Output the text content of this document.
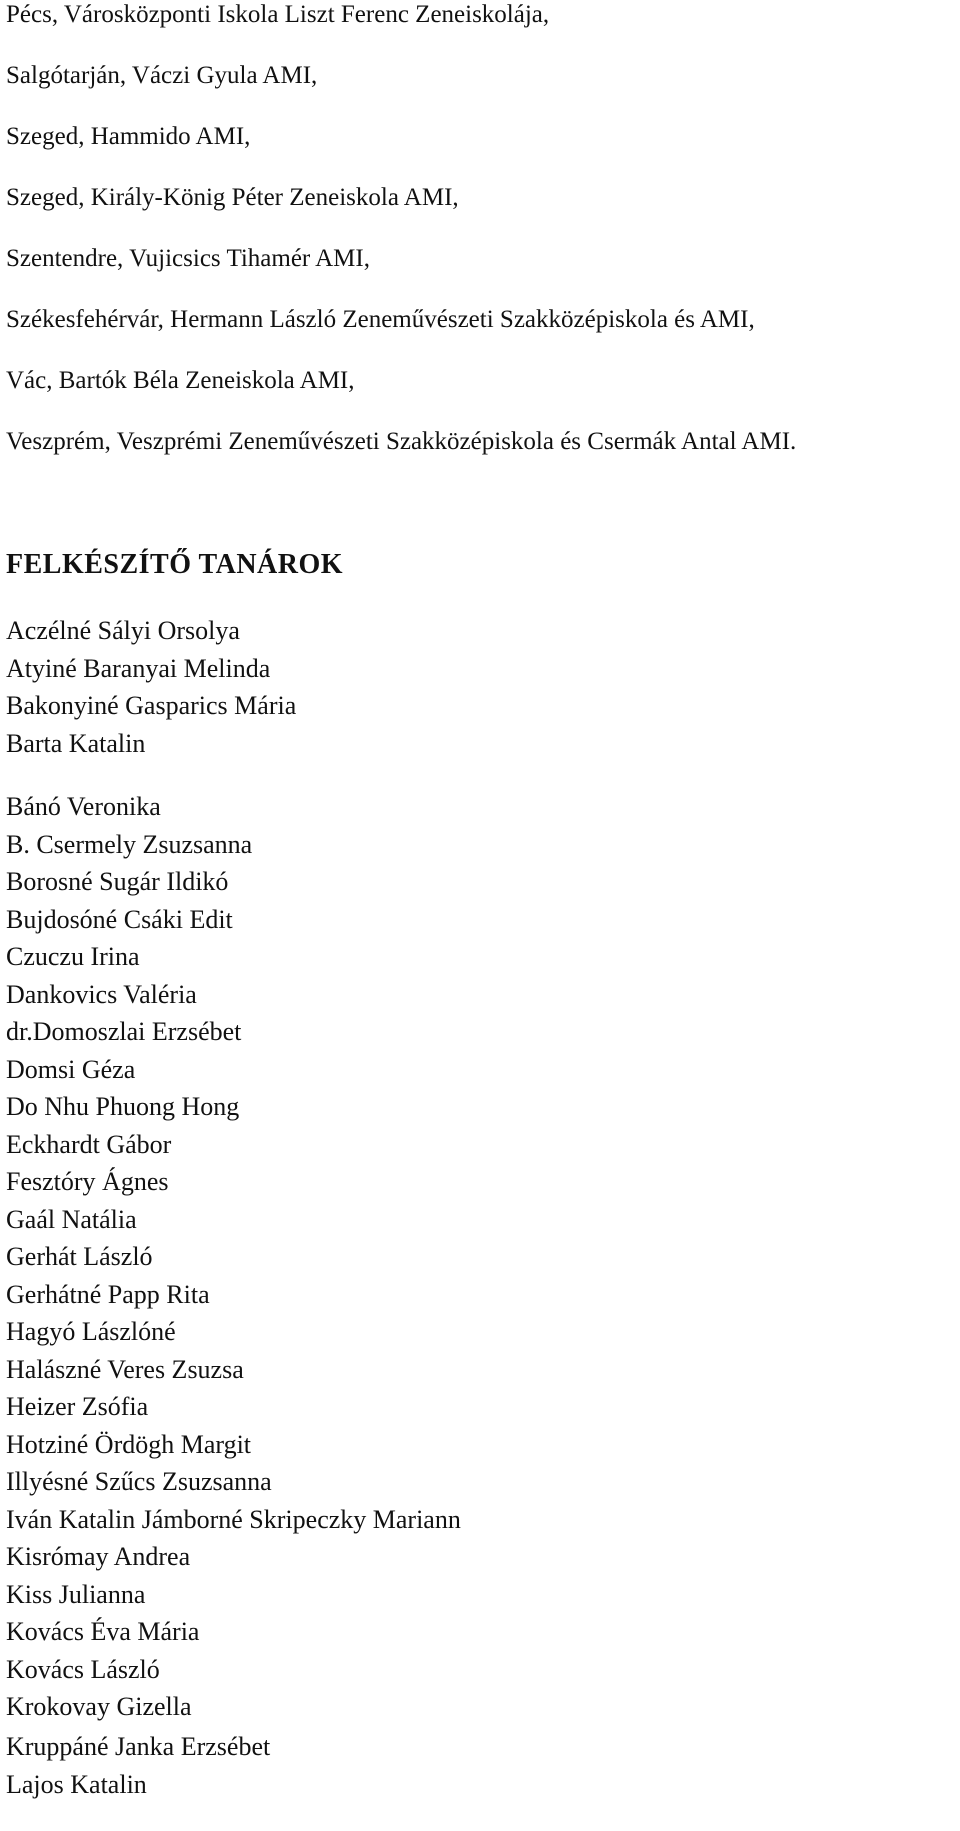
Pécs, Városközponti Iskola Liszt Ferenc Zeneiskolája,
Salgótarján, Váczi Gyula AMI,
Szeged, Hammido AMI,
Szeged, Király-König Péter Zeneiskola AMI,
Szentendre, Vujicsics Tihamér AMI,
Székesfehérvár, Hermann László Zeneművészeti Szakközépiskola és AMI,
Vác, Bartók Béla Zeneiskola AMI,
Veszprém, Veszprémi Zeneművészeti Szakközépiskola és Csermák Antal AMI.
FELKÉSZÍTŐ TANÁROK
Aczélné Sályi Orsolya
Atyiné Baranyai Melinda
Bakonyiné Gasparics Mária
Barta Katalin
Bánó Veronika
B. Csermely Zsuzsanna
Borosné Sugár Ildikó
Bujdosóné Csáki Edit
Czuczu Irina
Dankovics Valéria
dr.Domoszlai Erzsébet
Domsi Géza
Do Nhu Phuong Hong
Eckhardt Gábor
Fesztóry Ágnes
Gaál Natália
Gerhát László
Gerhátné Papp Rita
Hagyó Lászlóné
Halászné Veres Zsuzsa
Heizer Zsófia
Hotziné Ördögh Margit
Illyésné Szűcs Zsuzsanna
Iván Katalin Jámborné Skripeczky Mariann
Kisrómay Andrea
Kiss Julianna
Kovács Éva Mária
Kovács László
Krokovay Gizella
Kruppáné Janka Erzsébet
Lajos Katalin
